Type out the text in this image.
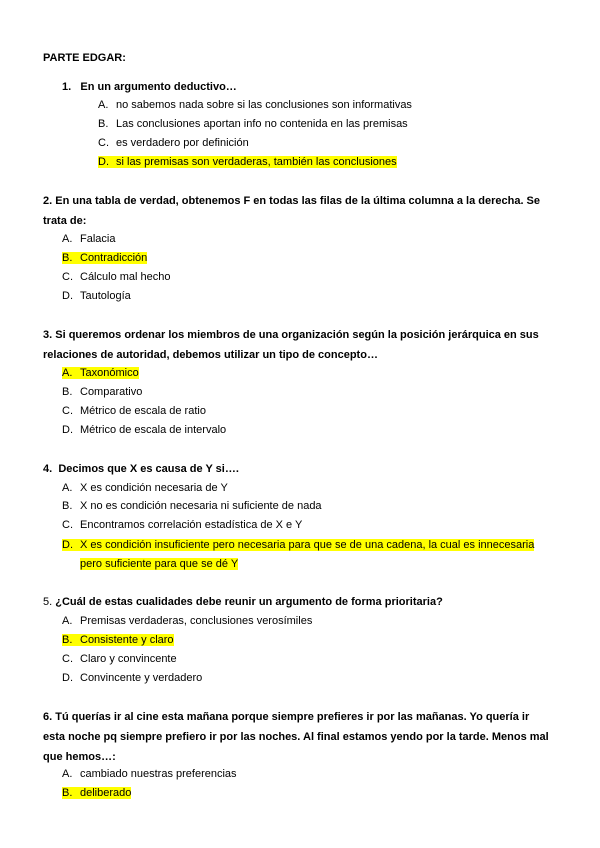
PARTE EDGAR:
1. En un argumento deductivo…
A. no sabemos nada sobre si las conclusiones son informativas
B. Las conclusiones aportan info no contenida en las premisas
C. es verdadero por definición
D. si las premisas son verdaderas, también las conclusiones
2. En una tabla de verdad, obtenemos F en todas las filas de la última columna a la derecha. Se trata de:
A. Falacia
B. Contradicción
C. Cálculo mal hecho
D. Tautología
3. Si queremos ordenar los miembros de una organización según la posición jerárquica en sus relaciones de autoridad, debemos utilizar un tipo de concepto…
A. Taxonómico
B. Comparativo
C. Métrico de escala de ratio
D. Métrico de escala de intervalo
4. Decimos que X es causa de Y si….
A. X es condición necesaria de Y
B. X no es condición necesaria ni suficiente de nada
C. Encontramos correlación estadística de X e Y
D. X es condición insuficiente pero necesaria para que se de una cadena, la cual es innecesaria
pero suficiente para que se dé Y
5. ¿Cuál de estas cualidades debe reunir un argumento de forma prioritaria?
A. Premisas verdaderas, conclusiones verosímiles
B. Consistente y claro
C. Claro y convincente
D. Convincente y verdadero
6. Tú querías ir al cine esta mañana porque siempre prefieres ir por las mañanas. Yo quería ir esta noche pq siempre prefiero ir por las noches. Al final estamos yendo por la tarde. Menos mal que hemos…:
A. cambiado nuestras preferencias
B. deliberado
